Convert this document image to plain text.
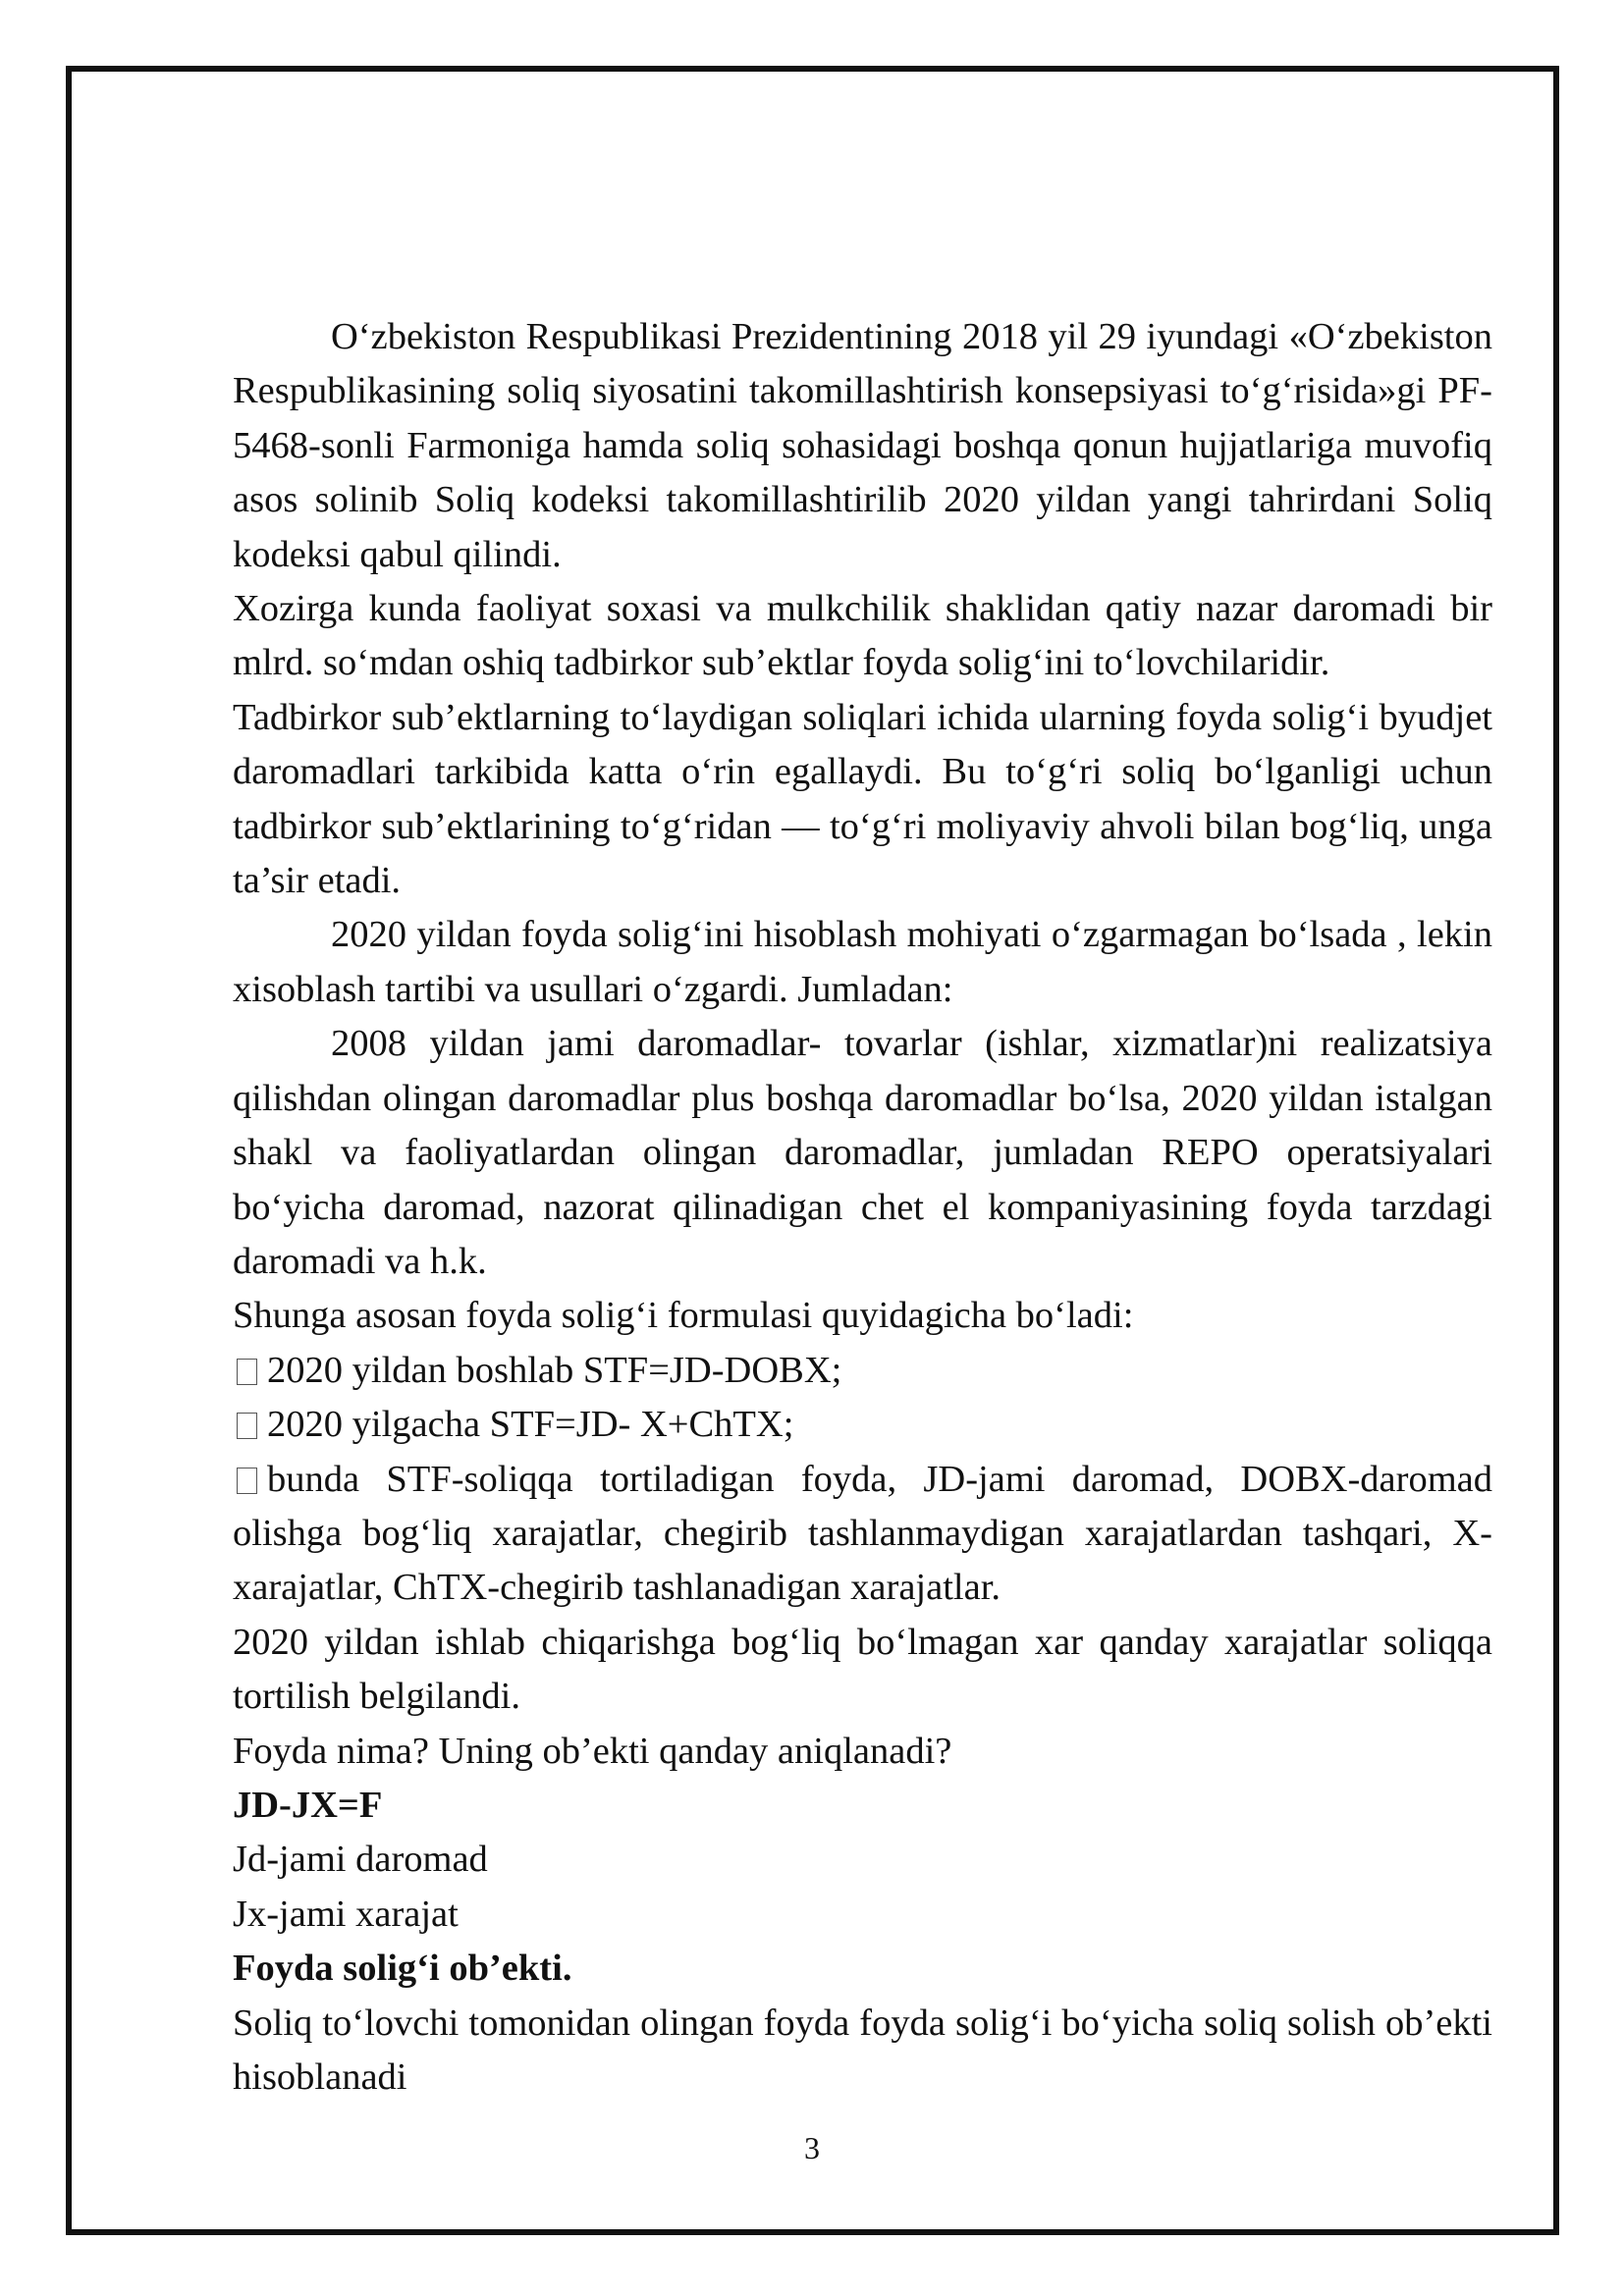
O‘zbekiston Respublikasi Prezidentining 2018 yil 29 iyundagi «O‘zbekiston Respublikasining soliq siyosatini takomillashtirish konsepsiyasi to‘g‘risida»gi PF-5468-sonli Farmoniga hamda soliq sohasidagi boshqa qonun hujjatlariga muvofiq asos solinib Soliq kodeksi takomillashtirilib 2020 yildan yangi tahrirdani Soliq kodeksi qabul qilindi.

Xozirga kunda faoliyat soxasi va mulkchilik shaklidan qatiy nazar daromadi bir mlrd. so‘mdan oshiq tadbirkor sub’ektlar foyda solig‘ini to‘lovchilaridir.

Tadbirkor sub’ektlarning to‘laydigan soliqlari ichida ularning foyda solig‘i byudjet daromadlari tarkibida katta o‘rin egallaydi. Bu to‘g‘ri soliq bo‘lganligi uchun tadbirkor sub’ektlarining to‘g‘ridan — to‘g‘ri moliyaviy ahvoli bilan bog‘liq, unga ta’sir etadi.

2020 yildan foyda solig‘ini hisoblash mohiyati o‘zgarmagan bo‘lsada , lekin xisoblash tartibi va usullari o‘zgardi. Jumladan:

2008 yildan jami daromadlar- tovarlar (ishlar, xizmatlar)ni realizatsiya qilishdan olingan daromadlar plus boshqa daromadlar bo‘lsa, 2020 yildan istalgan shakl va faoliyatlardan olingan daromadlar, jumladan REPO operatsiyalari bo‘yicha daromad, nazorat qilinadigan chet el kompaniyasining foyda tarzdagi daromadi va h.k.

Shunga asosan foyda solig‘i formulasi quyidagicha bo‘ladi:

2020 yildan boshlab STF=JD-DOBX;

2020 yilgacha STF=JD- X+ChTX;

bunda STF-soliqqa tortiladigan foyda, JD-jami daromad, DOBX-daromad olishga bog‘liq xarajatlar, chegirib tashlanmaydigan xarajatlardan tashqari, X-xarajatlar, ChTX-chegirib tashlanadigan xarajatlar.

2020 yildan ishlab chiqarishga bog‘liq bo‘lmagan xar qanday xarajatlar soliqqa tortilish belgilandi.

Foyda nima? Uning ob’ekti qanday aniqlanadi?

JD-JX=F

Jd-jami daromad

Jx-jami xarajat

Foyda solig‘i ob’ekti.

Soliq to‘lovchi tomonidan olingan foyda foyda solig‘i bo‘yicha soliq solish ob’ekti hisoblanadi

3
